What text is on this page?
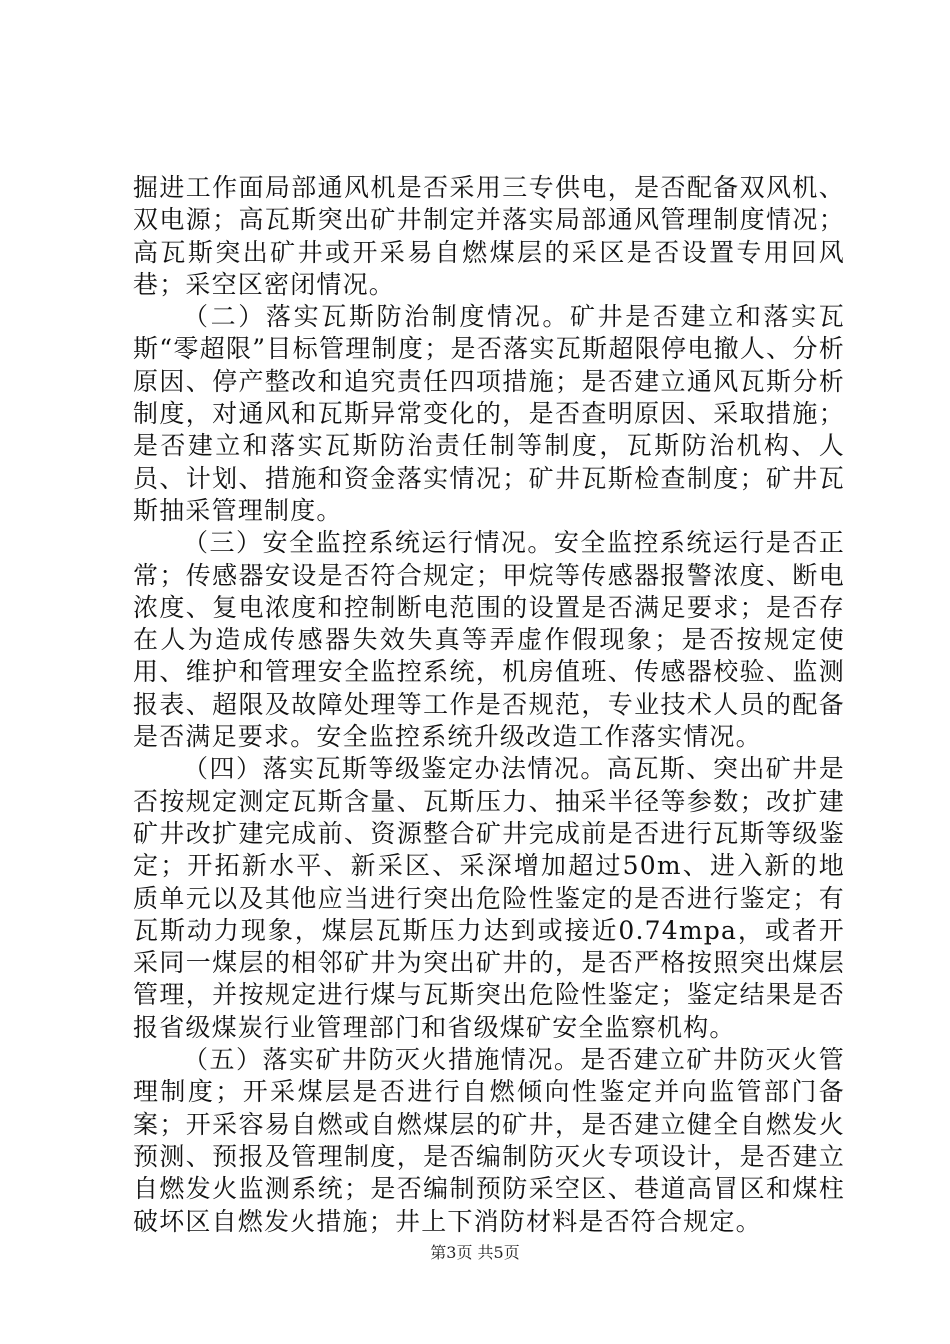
掘进工作面局部通风机是否采用三专供电，是否配备双风机、双电源；高瓦斯突出矿井制定并落实局部通风管理制度情况；高瓦斯突出矿井或开采易自燃煤层的采区是否设置专用回风巷；采空区密闭情况。

（二）落实瓦斯防治制度情况。矿井是否建立和落实瓦斯“零超限”目标管理制度；是否落实瓦斯超限停电撤人、分析原因、停产整改和追究责任四项措施；是否建立通风瓦斯分析制度，对通风和瓦斯异常变化的，是否查明原因、采取措施；是否建立和落实瓦斯防治责任制等制度，瓦斯防治机构、人员、计划、措施和资金落实情况；矿井瓦斯检查制度；矿井瓦斯抽采管理制度。

（三）安全监控系统运行情况。安全监控系统运行是否正常；传感器安设是否符合规定；甲烷等传感器报警浓度、断电浓度、复电浓度和控制断电范围的设置是否满足要求；是否存在人为造成传感器失效失真等弄虚作假现象；是否按规定使用、维护和管理安全监控系统，机房值班、传感器校验、监测报表、超限及故障处理等工作是否规范，专业技术人员的配备是否满足要求。安全监控系统升级改造工作落实情况。

（四）落实瓦斯等级鉴定办法情况。高瓦斯、突出矿井是否按规定测定瓦斯含量、瓦斯压力、抽采半径等参数；改扩建矿井改扩建完成前、资源整合矿井完成前是否进行瓦斯等级鉴定；开拓新水平、新采区、采深增加超过50m、进入新的地质单元以及其他应当进行突出危险性鉴定的是否进行鉴定；有瓦斯动力现象，煤层瓦斯压力达到或接近0.74mpa，或者开采同一煤层的相邻矿井为突出矿井的，是否严格按照突出煤层管理，并按规定进行煤与瓦斯突出危险性鉴定；鉴定结果是否报省级煤炭行业管理部门和省级煤矿安全监察机构。

（五）落实矿井防灭火措施情况。是否建立矿井防灭火管理制度；开采煤层是否进行自燃倾向性鉴定并向监管部门备案；开采容易自燃或自燃煤层的矿井，是否建立健全自燃发火预测、预报及管理制度，是否编制防灭火专项设计，是否建立自燃发火监测系统；是否编制预防采空区、巷道高冒区和煤柱破坏区自燃发火措施；井上下消防材料是否符合规定。

第3页 共5页
